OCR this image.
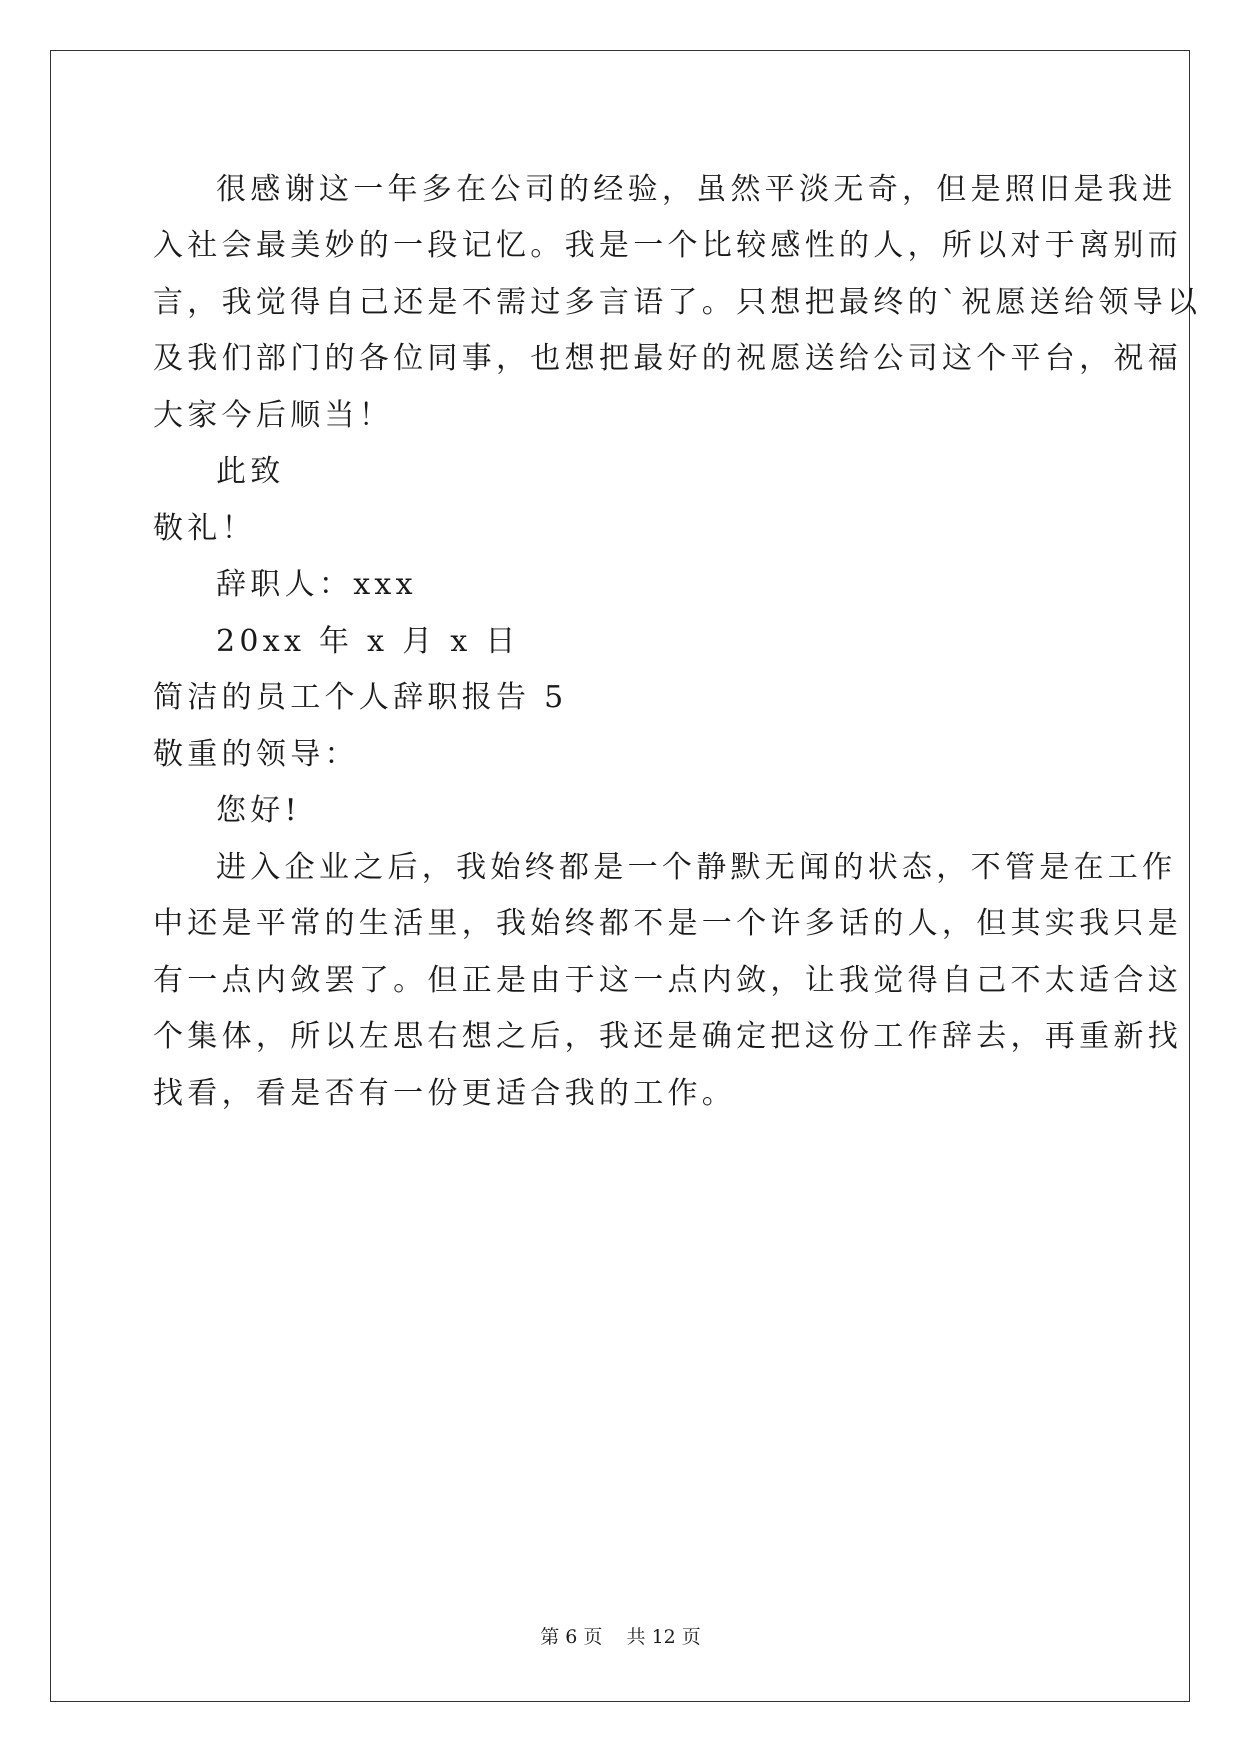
很感谢这一年多在公司的经验，虽然平淡无奇，但是照旧是我进
入社会最美妙的一段记忆。我是一个比较感性的人，所以对于离别而
言，我觉得自己还是不需过多言语了。只想把最终的`祝愿送给领导以
及我们部门的各位同事，也想把最好的祝愿送给公司这个平台，祝福
大家今后顺当！
此致
敬礼！
辞职人：xxx
20xx 年 x 月 x 日
简洁的员工个人辞职报告 5
敬重的领导：
您好!
进入企业之后，我始终都是一个静默无闻的状态，不管是在工作
中还是平常的生活里，我始终都不是一个许多话的人，但其实我只是
有一点内敛罢了。但正是由于这一点内敛，让我觉得自己不太适合这
个集体，所以左思右想之后，我还是确定把这份工作辞去，再重新找
找看，看是否有一份更适合我的工作。
第 6 页    共 12 页
